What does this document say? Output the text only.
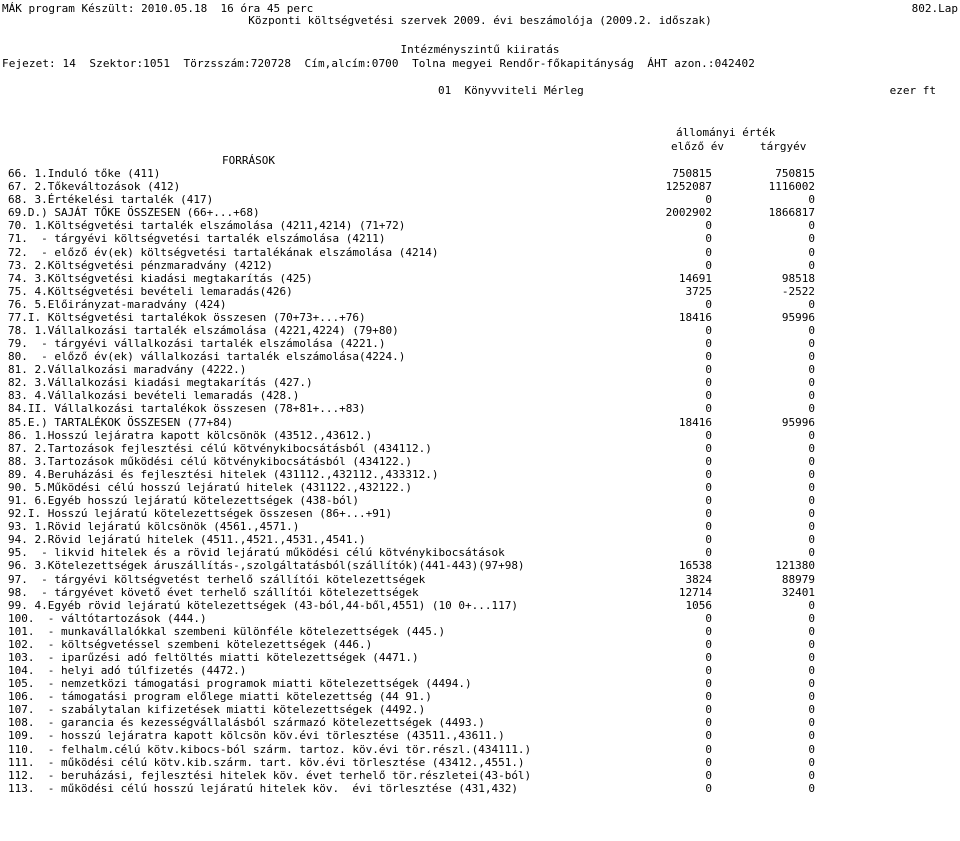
MÁK program Készült: 2010.05.18  16 óra 45 perc	802.Lap
Központi költségvetési szervek 2009. évi beszámolója (2009.2. időszak)
Intézményszintű kiiratás
Fejezet: 14  Szektor:1051  Törzsszám:720728  Cím,alcím:0700  Tolna megyei Rendőr-főkapitányság  ÁHT azon.:042402
01  Könyvviteli Mérleg	ezer ft
állományi érték
előző év	tárgyév
FORRÁSOK
66. 1.Induló tőke (411)	750815	750815
67. 2.Tőkeváltozások (412)	1252087	1116002
68. 3.Értékelési tartalék (417)	0	0
69.D.) SAJÁT TŐKE ÖSSZESEN (66+...+68)	2002902	1866817
70. 1.Költségvetési tartalék elszámolása (4211,4214) (71+72)	0	0
71.  - tárgyévi költségvetési tartalék elszámolása (4211)	0	0
72.  - előző év(ek) költségvetési tartalékának elszámolása (4214)	0	0
73. 2.Költségvetési pénzmaradvány (4212)	0	0
74. 3.Költségvetési kiadási megtakarítás (425)	14691	98518
75. 4.Költségvetési bevételi lemaradás(426)	3725	-2522
76. 5.Előirányzat-maradvány (424)	0	0
77.I. Költségvetési tartalékok összesen (70+73+...+76)	18416	95996
78. 1.Vállalkozási tartalék elszámolása (4221,4224) (79+80)	0	0
79.  - tárgyévi vállalkozási tartalék elszámolása (4221.)	0	0
80.  - előző év(ek) vállalkozási tartalék elszámolása(4224.)	0	0
81. 2.Vállalkozási maradvány (4222.)	0	0
82. 3.Vállalkozási kiadási megtakarítás (427.)	0	0
83. 4.Vállalkozási bevételi lemaradás (428.)	0	0
84.II. Vállalkozási tartalékok összesen (78+81+...+83)	0	0
85.E.) TARTALÉKOK ÖSSZESEN (77+84)	18416	95996
86. 1.Hosszú lejáratra kapott kölcsönök (43512.,43612.)	0	0
87. 2.Tartozások fejlesztési célú kötvénykibocsátásból (434112.)	0	0
88. 3.Tartozások működési célú kötvénykibocsátásból (434122.)	0	0
89. 4.Beruházási és fejlesztési hitelek (431112.,432112.,433312.)	0	0
90. 5.Működési célú hosszú lejáratú hitelek (431122.,432122.)	0	0
91. 6.Egyéb hosszú lejáratú kötelezettségek (438-ból)	0	0
92.I. Hosszú lejáratú kötelezettségek összesen (86+...+91)	0	0
93. 1.Rövid lejáratú kölcsönök (4561.,4571.)	0	0
94. 2.Rövid lejáratú hitelek (4511.,4521.,4531.,4541.)	0	0
95.  - likvid hitelek és a rövid lejáratú működési célú kötvénykibocsátások	0	0
96. 3.Kötelezettségek áruszállítás-,szolgáltatásból(szállítók)(441-443)(97+98)	16538	121380
97.  - tárgyévi költségvetést terhelő szállítói kötelezettségek	3824	88979
98.  - tárgyévet követő évet terhelő szállítói kötelezettségek	12714	32401
99. 4.Egyéb rövid lejáratú kötelezettségek (43-ból,44-ből,4551) (10 0+...117)	1056	0
100.  - váltótartozások (444.)	0	0
101.  - munkavállalókkal szembeni különféle kötelezettségek (445.)	0	0
102.  - költségvetéssel szembeni kötelezettségek (446.)	0	0
103.  - iparűzési adó feltöltés miatti kötelezettségek (4471.)	0	0
104.  - helyi adó túlfizetés (4472.)	0	0
105.  - nemzetközi támogatási programok miatti kötelezettségek (4494.)	0	0
106.  - támogatási program előlege miatti kötelezettség (44 91.)	0	0
107.  - szabálytalan kifizetések miatti kötelezettségek (4492.)	0	0
108.  - garancia és kezességvállalásból származó kötelezettségek (4493.)	0	0
109.  - hosszú lejáratra kapott kölcsön köv.évi törlesztése (43511.,43611.)	0	0
110.  - felhalm.célú kötv.kibocs-ból szárm. tartoz. köv.évi tör.részl.(434111.)	0	0
111.  - működési célú kötv.kib.szárm. tart. köv.évi törlesztése (43412.,4551.)	0	0
112.  - beruházási, fejlesztési hitelek köv. évet terhelő tör.részletei(43-ból)	0	0
113.  - működési célú hosszú lejáratú hitelek köv.  évi törlesztése (431,432)	0	0
